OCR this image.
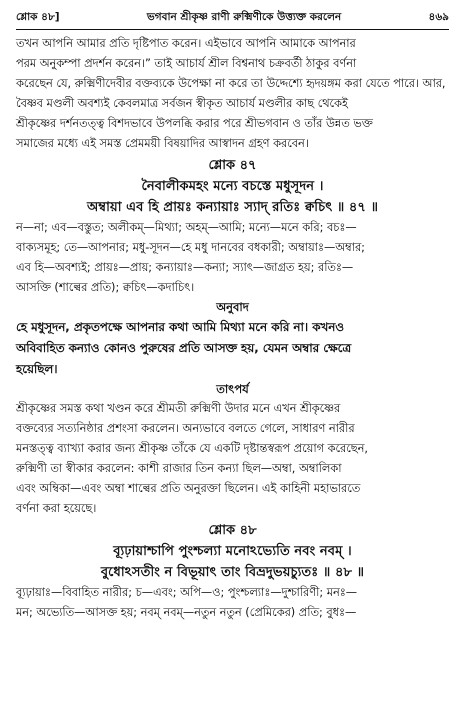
শ্লোক ৪৮]	ভগবান শ্রীকৃষ্ণ রাণী রুক্মিণীকে উত্ত্যক্ত করলেন	৪৬৯
তখন আপনি আমার প্রতি দৃষ্টিপাত করেন। এইভাবে আপনি আমাকে আপনার
পরম অনুকম্পা প্রদর্শন করেন।” তাই আচার্য শ্রীল বিশ্বনাথ চক্রবর্তী ঠাকুর বর্ণনা
করেছেন যে, রুক্মিণীদেবীর বক্তব্যকে উপেক্ষা না করে তা উদ্দেশ্যে হৃদয়ঙ্গম করা যেতে পারে। আর,
বৈষ্ণব মণ্ডলী অবশ্যই কেবলমাত্র সর্বজন স্বীকৃত আচার্য মণ্ডলীর কাছ থেকেই
শ্রীকৃষ্ণের দর্শনতত্ত্ব বিশদভাবে উপলব্ধি করার পরে শ্রীভগবান ও তাঁর উন্নত ভক্ত
সমাজের মধ্যে এই সমস্ত প্রেমময়ী বিষয়াদির আস্বাদন গ্রহণ করবেন।
শ্লোক ৪৭
নৈবালীকমহং মন্যে বচস্তে মধুসূদন ।
অম্বায়া এব হি প্রায়ঃ কন্যায়াঃ স্যাদ্ রতিঃ ক্বচিৎ ॥ ৪৭ ॥
ন—না; এব—বস্তুত; অলীকম্—মিথ্যা; অহম্—আমি; মন্যে—মনে করি; বচঃ—
বাক্যসমূহ; তে—আপনার; মধু-সূদন—হে মধু দানবের বধকারী; অম্বায়াঃ—অম্বার;
এব হি—অবশ্যই; প্রায়ঃ—প্রায়; কন্যায়াঃ—কন্যা; স্যাৎ—জাগ্রত হয়; রতিঃ—
আসক্তি (শাল্বের প্রতি); ক্বচিৎ—কদাচিৎ।
অনুবাদ
হে মধুসূদন, প্রকৃতপক্ষে আপনার কথা আমি মিথ্যা মনে করি না। কখনও
অবিবাহিত কন্যাও কোনও পুরুষের প্রতি আসক্ত হয়, যেমন অম্বার ক্ষেত্রে
হয়েছিল।
তাৎপর্য
শ্রীকৃষ্ণের সমস্ত কথা খণ্ডন করে শ্রীমতী রুক্মিণী উদার মনে এখন শ্রীকৃষ্ণের
বক্তব্যের সত্যনিষ্ঠার প্রশংসা করলেন। অন্যভাবে বলতে গেলে, সাধারণ নারীর
মনস্তত্ত্ব ব্যাখ্যা করার জন্য শ্রীকৃষ্ণ তাঁকে যে একটি দৃষ্টান্তস্বরূপ প্রয়োগ করেছেন,
রুক্মিণী তা স্বীকার করলেন: কাশী রাজার তিন কন্যা ছিল—অম্বা, অম্বালিকা
এবং অম্বিকা—এবং অম্বা শাল্বের প্রতি অনুরক্তা ছিলেন। এই কাহিনী মহাভারতে
বর্ণনা করা হয়েছে।
শ্লোক ৪৮
ব্যূঢ়ায়াশ্চাপি পুংশ্চল্যা মনোঽভ্যেতি নবং নবম্ ।
বুধোঽসতীং ন বিভূয়াৎ তাং বিভ্রদুভয়চ্যুতঃ ॥ ৪৮ ॥
ব্যূঢ়ায়াঃ—বিবাহিত নারীর; চ—এবং; অপি—ও; পুংশ্চল্যাঃ—দুশ্চারিণী; মনঃ—
মন; অভ্যেতি—আসক্ত হয়; নবম্ নবম্—নতুন নতুন (প্রেমিকের) প্রতি; বুধঃ—
